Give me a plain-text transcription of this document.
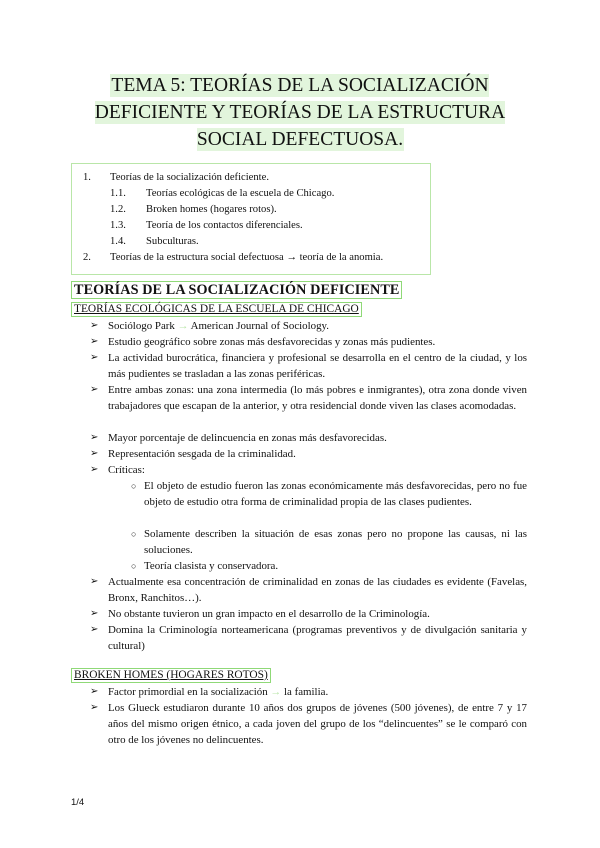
TEMA 5: TEORÍAS DE LA SOCIALIZACIÓN DEFICIENTE Y TEORÍAS DE LA ESTRUCTURA SOCIAL DEFECTUOSA.
1. Teorías de la socialización deficiente.
1.1. Teorías ecológicas de la escuela de Chicago.
1.2. Broken homes (hogares rotos).
1.3. Teoría de los contactos diferenciales.
1.4. Subculturas.
2. Teorías de la estructura social defectuosa → teoría de la anomia.
TEORÍAS DE LA SOCIALIZACIÓN DEFICIENTE
TEORÍAS ECOLÓGICAS DE LA ESCUELA DE CHICAGO
➢ Sociólogo Park → American Journal of Sociology.
➢ Estudio geográfico sobre zonas más desfavorecidas y zonas más pudientes.
➢ La actividad burocrática, financiera y profesional se desarrolla en el centro de la ciudad, y los más pudientes se trasladan a las zonas periféricas.
➢ Entre ambas zonas: una zona intermedia (lo más pobres e inmigrantes), otra zona donde viven trabajadores que escapan de la anterior, y otra residencial donde viven las clases acomodadas.
➢ Mayor porcentaje de delincuencia en zonas más desfavorecidas.
➢ Representación sesgada de la criminalidad.
➢ Críticas:
○ El objeto de estudio fueron las zonas económicamente más desfavorecidas, pero no fue objeto de estudio otra forma de criminalidad propia de las clases pudientes.
○ Solamente describen la situación de esas zonas pero no propone las causas, ni las soluciones.
○ Teoría clasista y conservadora.
➢ Actualmente esa concentración de criminalidad en zonas de las ciudades es evidente (Favelas, Bronx, Ranchitos…).
➢ No obstante tuvieron un gran impacto en el desarrollo de la Criminología.
➢ Domina la Criminología norteamericana (programas preventivos y de divulgación sanitaria y cultural)
BROKEN HOMES (HOGARES ROTOS)
➢ Factor primordial en la socialización → la familia.
➢ Los Glueck estudiaron durante 10 años dos grupos de jóvenes (500 jóvenes), de entre 7 y 17 años del mismo origen étnico, a cada joven del grupo de los “delincuentes” se le comparó con otro de los jóvenes no delincuentes.
1/4
